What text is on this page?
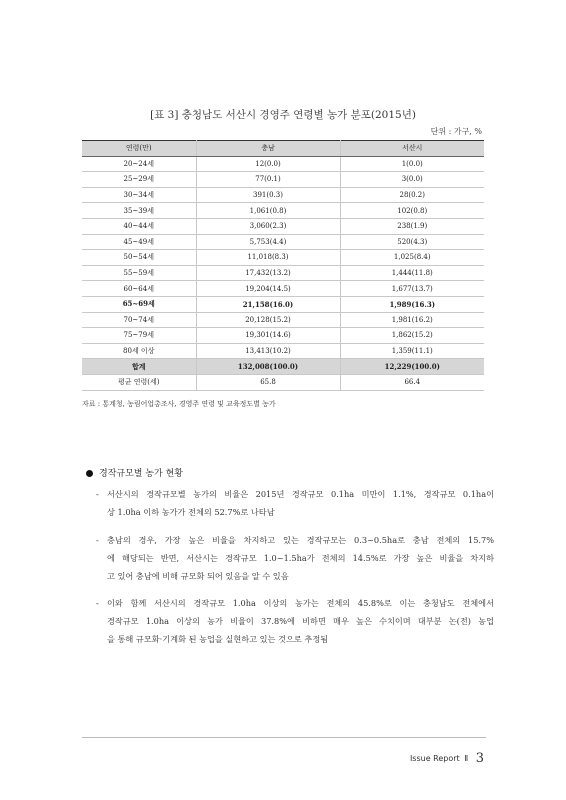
[표 3] 충청남도 서산시 경영주 연령별 농가 분포(2015년)
단위 : 가구, %
연령(만)	충남	서산시
20~24세	12(0.0)	1(0.0)
25~29세	77(0.1)	3(0.0)
30~34세	391(0.3)	28(0.2)
35~39세	1,061(0.8)	102(0.8)
40~44세	3,060(2.3)	238(1.9)
45~49세	5,753(4.4)	520(4.3)
50~54세	11,018(8.3)	1,025(8.4)
55~59세	17,432(13.2)	1,444(11.8)
60~64세	19,204(14.5)	1,677(13.7)
65~69세	21,158(16.0)	1,989(16.3)
70~74세	20,128(15.2)	1,981(16.2)
75~79세	19,301(14.6)	1,862(15.2)
80세 이상	13,413(10.2)	1,359(11.1)
합계	132,008(100.0)	12,229(100.0)
평균 연령(세)	65.8	66.4
자료 : 통계청, 농림어업총조사, 경영주 연령 및 교육정도별 농가
경작규모별 농가 현황
-	서산시의 경작규모별 농가의 비율은 2015년 경작규모 0.1ha 미만이 1.1%, 경작규모 0.1ha이
상 1.0ha 이하 농가가 전체의 52.7%로 나타남
-	충남의 경우, 가장 높은 비율을 차지하고 있는 경작규모는 0.3~0.5ha로 충남 전체의 15.7%
에 해당되는 반면, 서산시는 경작규모 1.0~1.5ha가 전체의 14.5%로 가장 높은 비율을 차지하
고 있어 충남에 비해 규모화 되어 있음을 알 수 있음
-	이와 함께 서산시의 경작규모 1.0ha 이상의 농가는 전체의 45.8%로 이는 충청남도 전체에서
경작규모 1.0ha 이상의 농가 비율이 37.8%에 비하면 매우 높은 수치이며 대부분 논(전) 농업
을 통해 규모화·기계화 된 농업을 실현하고 있는 것으로 추정됨
Issue Report Ⅱ 3
